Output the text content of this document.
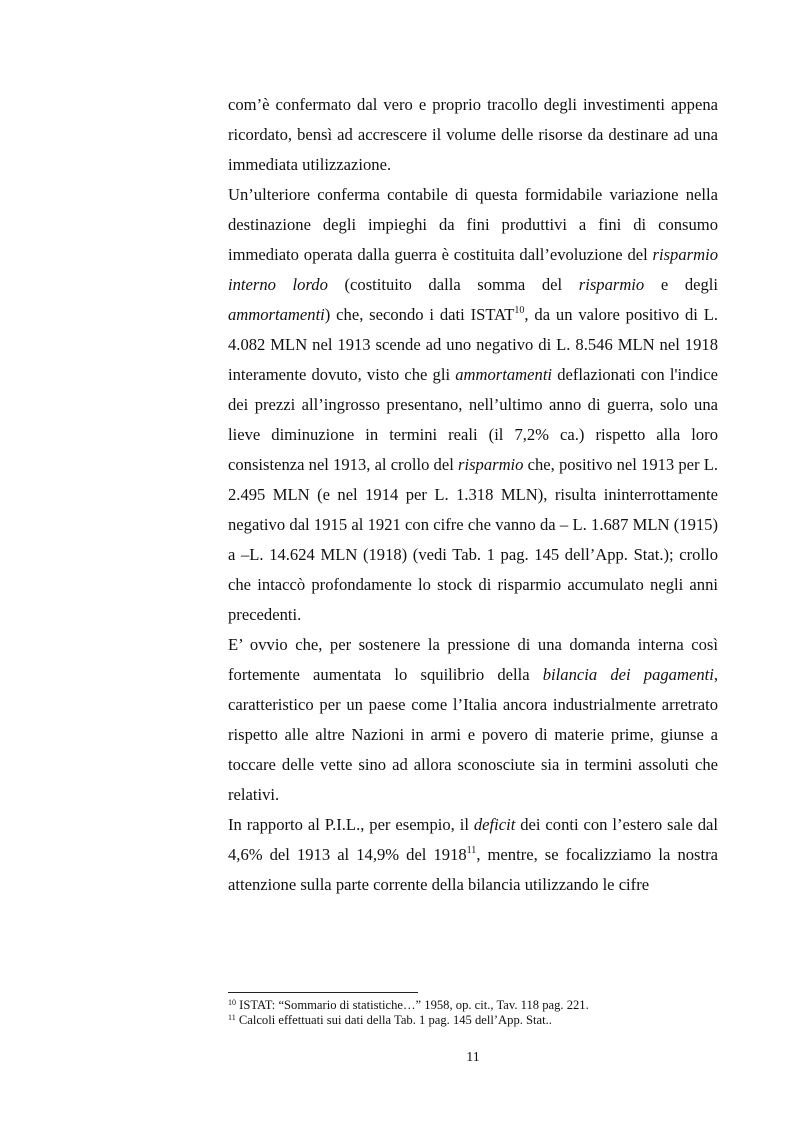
com’è confermato dal vero e proprio tracollo degli investimenti appena ricordato, bensì ad accrescere il volume delle risorse da destinare ad una immediata utilizzazione.

Un’ulteriore conferma contabile di questa formidabile variazione nella destinazione degli impieghi da fini produttivi a fini di consumo immediato operata dalla guerra è costituita dall’evoluzione del risparmio interno lordo (costituito dalla somma del risparmio e degli ammortamenti) che, secondo i dati ISTAT$^{10}$, da un valore positivo di L. 4.082 MLN nel 1913 scende ad uno negativo di L. 8.546 MLN nel 1918 interamente dovuto, visto che gli ammortamenti deflazionati con l'indice dei prezzi all’ingrosso presentano, nell’ultimo anno di guerra, solo una lieve diminuzione in termini reali (il 7,2% ca.) rispetto alla loro consistenza nel 1913, al crollo del risparmio che, positivo nel 1913 per L. 2.495 MLN (e nel 1914 per L. 1.318 MLN), risulta ininterrottamente negativo dal 1915 al 1921 con cifre che vanno da – L. 1.687 MLN (1915) a –L. 14.624 MLN (1918) (vedi Tab. 1 pag. 145 dell’App. Stat.); crollo che intaccò profondamente lo stock di risparmio accumulato negli anni precedenti.

E’ ovvio che, per sostenere la pressione di una domanda interna così fortemente aumentata lo squilibrio della bilancia dei pagamenti, caratteristico per un paese come l’Italia ancora industrialmente arretrato rispetto alle altre Nazioni in armi e povero di materie prime, giunse a toccare delle vette sino ad allora sconosciute sia in termini assoluti che relativi.

In rapporto al P.I.L., per esempio, il deficit dei conti con l’estero sale dal 4,6% del 1913 al 14,9% del 1918$^{11}$, mentre, se focalizziamo la nostra attenzione sulla parte corrente della bilancia utilizzando le cifre

$^{10}$ ISTAT: “Sommario di statistiche…” 1958, op. cit., Tav. 118 pag. 221.

$^{11}$ Calcoli effettuati sui dati della Tab. 1 pag. 145 dell’App. Stat..

11
